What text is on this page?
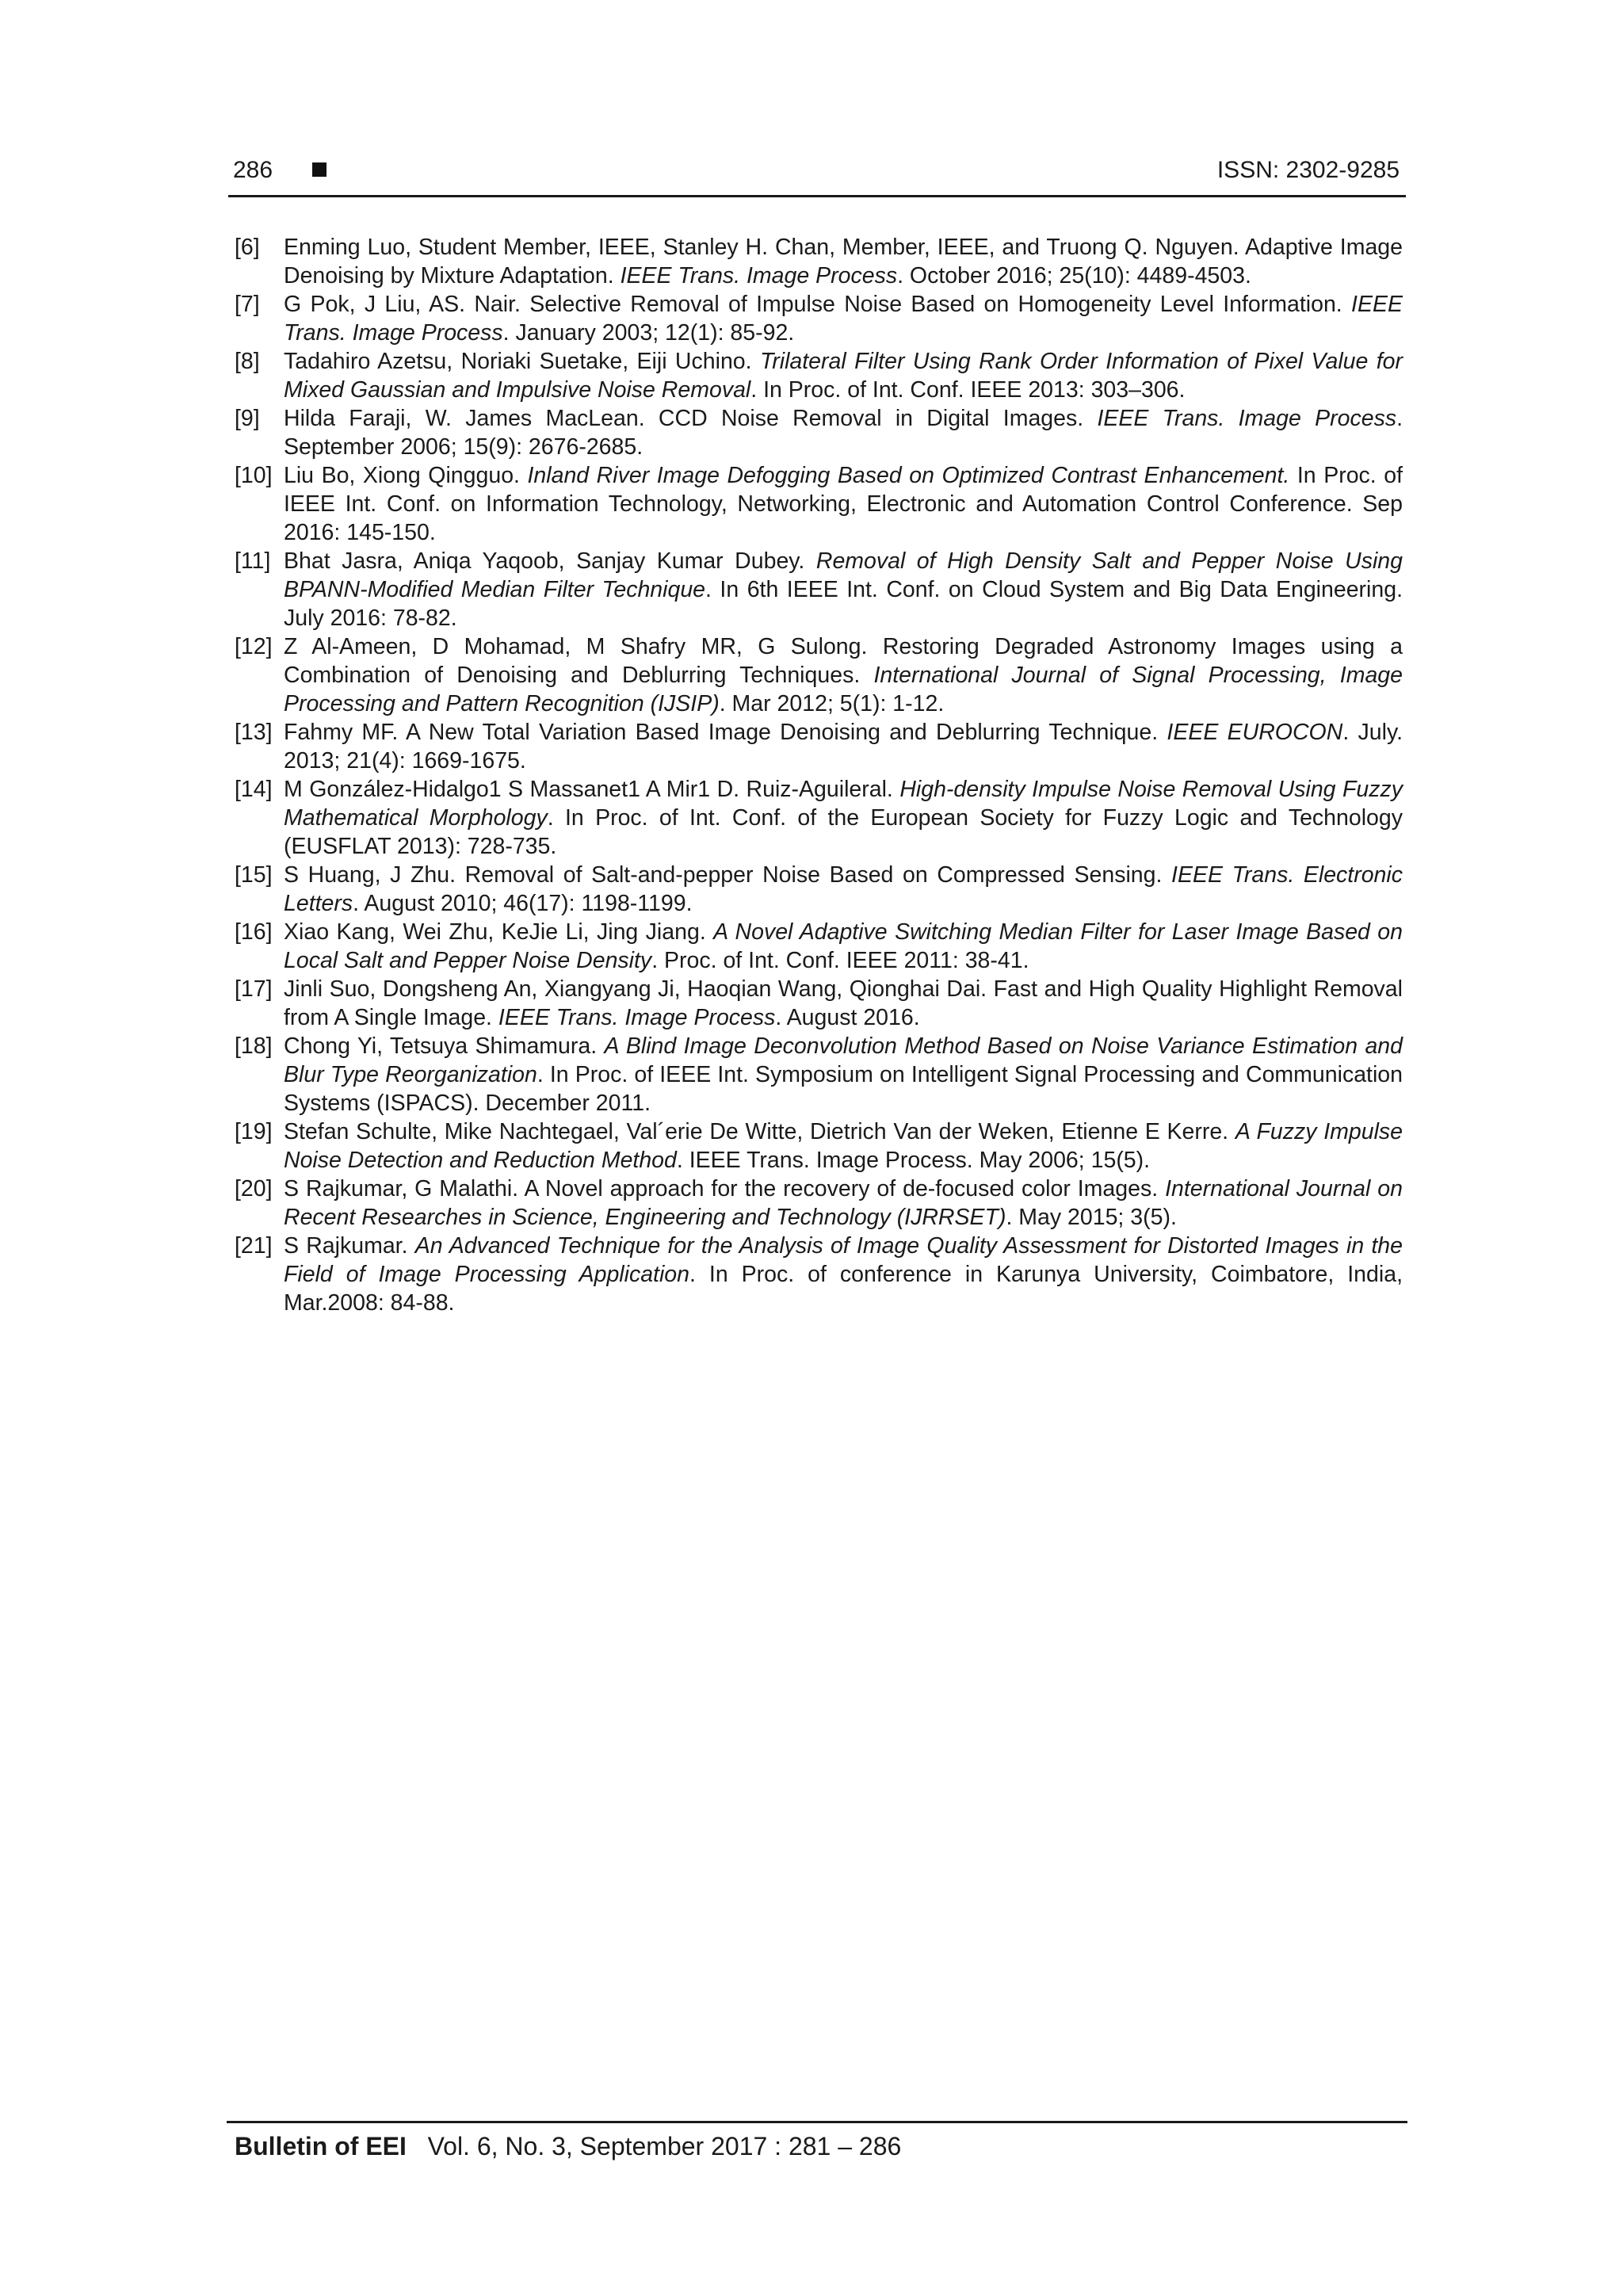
286	ISSN: 2302-9285
[6] Enming Luo, Student Member, IEEE, Stanley H. Chan, Member, IEEE, and Truong Q. Nguyen. Adaptive Image Denoising by Mixture Adaptation. IEEE Trans. Image Process. October 2016; 25(10): 4489-4503.
[7] G Pok, J Liu, AS. Nair. Selective Removal of Impulse Noise Based on Homogeneity Level Information. IEEE Trans. Image Process. January 2003; 12(1): 85-92.
[8] Tadahiro Azetsu, Noriaki Suetake, Eiji Uchino. Trilateral Filter Using Rank Order Information of Pixel Value for Mixed Gaussian and Impulsive Noise Removal. In Proc. of Int. Conf. IEEE 2013: 303–306.
[9] Hilda Faraji, W. James MacLean. CCD Noise Removal in Digital Images. IEEE Trans. Image Process. September 2006; 15(9): 2676-2685.
[10] Liu Bo, Xiong Qingguo. Inland River Image Defogging Based on Optimized Contrast Enhancement. In Proc. of IEEE Int. Conf. on Information Technology, Networking, Electronic and Automation Control Conference. Sep 2016: 145-150.
[11] Bhat Jasra, Aniqa Yaqoob, Sanjay Kumar Dubey. Removal of High Density Salt and Pepper Noise Using BPANN-Modified Median Filter Technique. In 6th IEEE Int. Conf. on Cloud System and Big Data Engineering. July 2016: 78-82.
[12] Z Al-Ameen, D Mohamad, M Shafry MR, G Sulong. Restoring Degraded Astronomy Images using a Combination of Denoising and Deblurring Techniques. International Journal of Signal Processing, Image Processing and Pattern Recognition (IJSIP). Mar 2012; 5(1): 1-12.
[13] Fahmy MF. A New Total Variation Based Image Denoising and Deblurring Technique. IEEE EUROCON. July. 2013; 21(4): 1669-1675.
[14] M González-Hidalgo1 S Massanet1 A Mir1 D. Ruiz-Aguileral. High-density Impulse Noise Removal Using Fuzzy Mathematical Morphology. In Proc. of Int. Conf. of the European Society for Fuzzy Logic and Technology (EUSFLAT 2013): 728-735.
[15] S Huang, J Zhu. Removal of Salt-and-pepper Noise Based on Compressed Sensing. IEEE Trans. Electronic Letters. August 2010; 46(17): 1198-1199.
[16] Xiao Kang, Wei Zhu, KeJie Li, Jing Jiang. A Novel Adaptive Switching Median Filter for Laser Image Based on Local Salt and Pepper Noise Density. Proc. of Int. Conf. IEEE 2011: 38-41.
[17] Jinli Suo, Dongsheng An, Xiangyang Ji, Haoqian Wang, Qionghai Dai. Fast and High Quality Highlight Removal from A Single Image. IEEE Trans. Image Process. August 2016.
[18] Chong Yi, Tetsuya Shimamura. A Blind Image Deconvolution Method Based on Noise Variance Estimation and Blur Type Reorganization. In Proc. of IEEE Int. Symposium on Intelligent Signal Processing and Communication Systems (ISPACS). December 2011.
[19] Stefan Schulte, Mike Nachtegael, Val´erie De Witte, Dietrich Van der Weken, Etienne E Kerre. A Fuzzy Impulse Noise Detection and Reduction Method. IEEE Trans. Image Process. May 2006; 15(5).
[20] S Rajkumar, G Malathi. A Novel approach for the recovery of de-focused color Images. International Journal on Recent Researches in Science, Engineering and Technology (IJRRSET). May 2015; 3(5).
[21] S Rajkumar. An Advanced Technique for the Analysis of Image Quality Assessment for Distorted Images in the Field of Image Processing Application. In Proc. of conference in Karunya University, Coimbatore, India, Mar.2008: 84-88.
Bulletin of EEI Vol. 6, No. 3, September 2017 : 281 – 286
